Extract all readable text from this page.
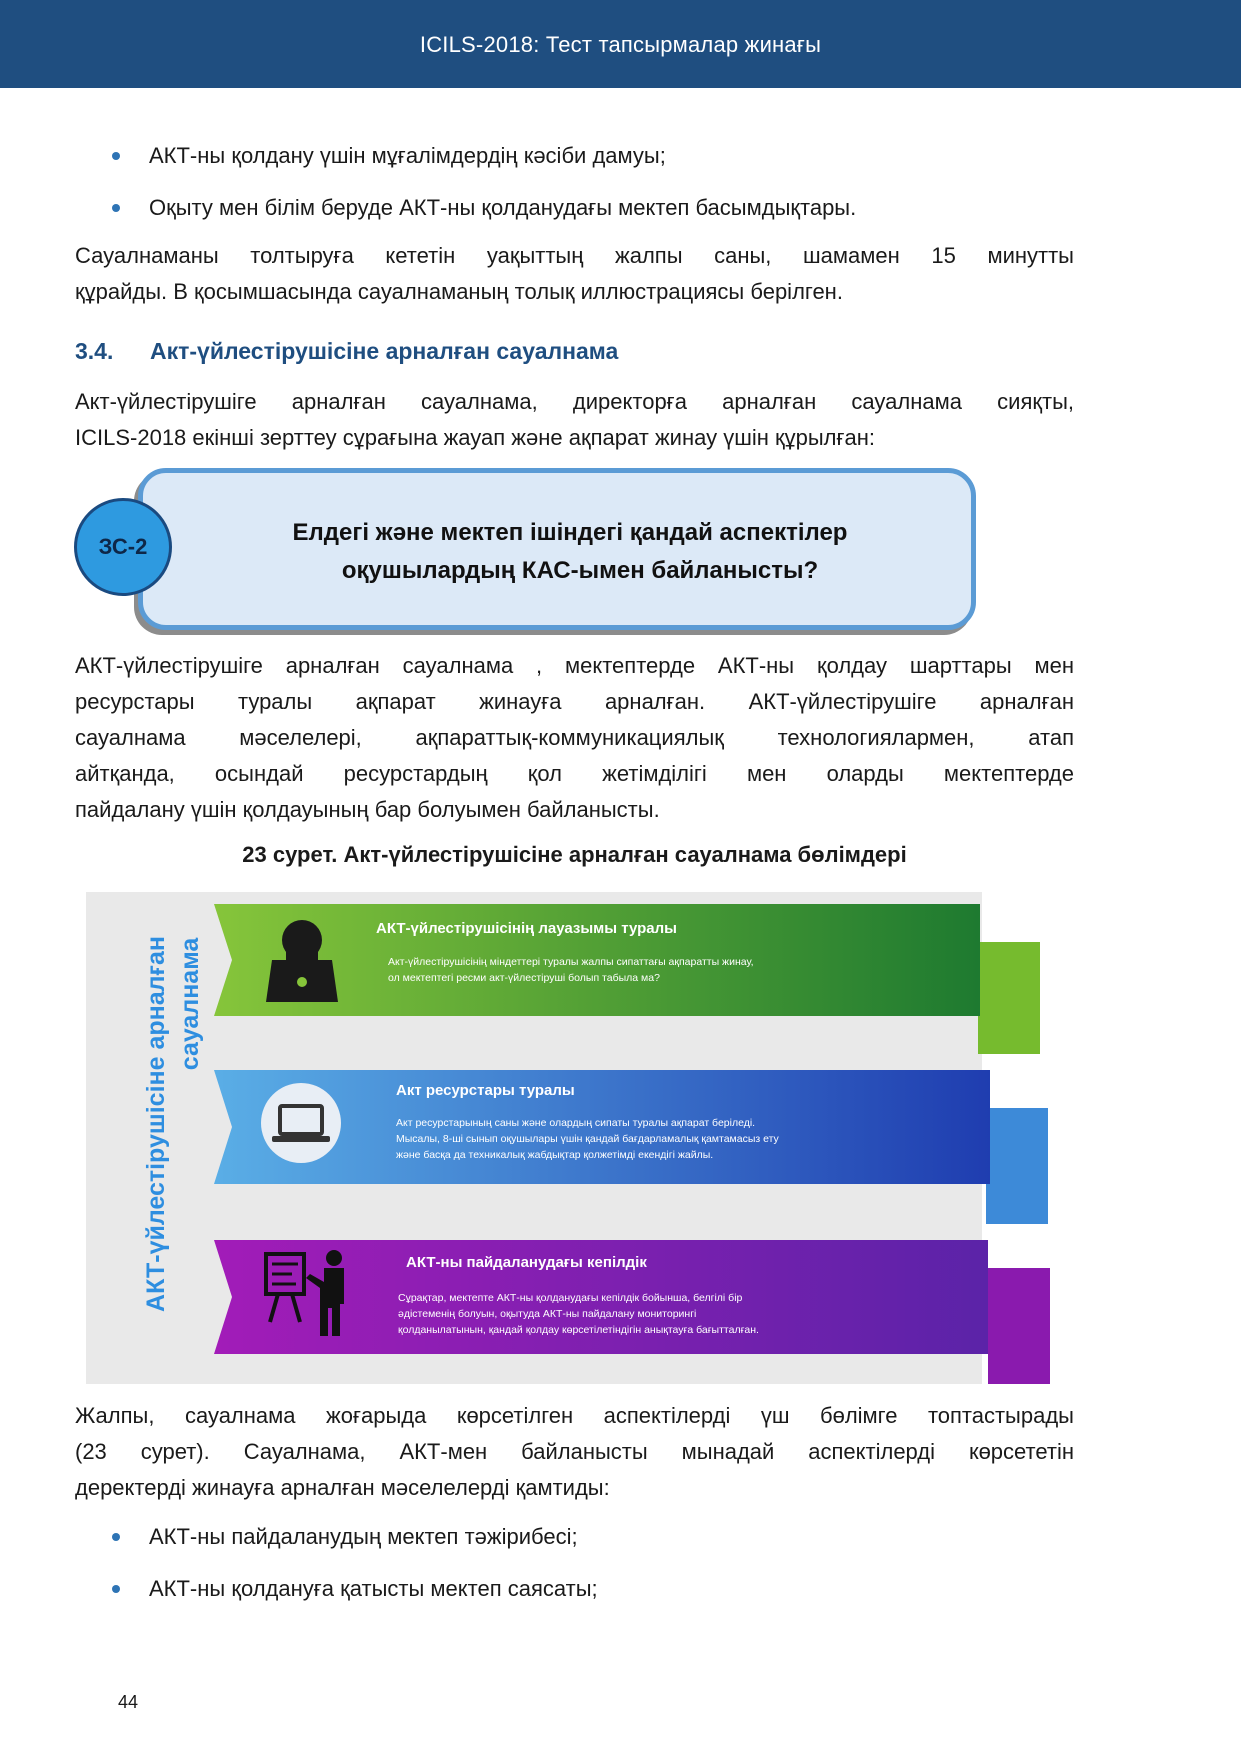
ICILS-2018: Тест тапсырмалар жинағы
АКТ-ны қолдану үшін мұғалімдердің кәсіби дамуы;
Оқыту мен білім беруде АКТ-ны қолданудағы мектеп басымдықтары.
Сауалнаманы толтыруға кететін уақыттың жалпы саны, шамамен 15 минутты
құрайды. В қосымшасында сауалнаманың толық иллюстрациясы берілген.
3.4. Акт-үйлестірушісіне арналған сауалнама
Акт-үйлестірушіге арналған сауалнама, директорға арналған сауалнама сияқты,
ICILS-2018 екінші зерттеу сұрағына жауап және ақпарат жинау үшін құрылған:
ЗС-2
Елдегі және мектеп ішіндегі қандай аспектілер
оқушылардың КАС-ымен байланысты?
АКТ-үйлестірушіге арналған сауалнама , мектептерде АКТ-ны қолдау шарттары мен
ресурстары туралы ақпарат жинауға арналған. АКТ-үйлестірушіге арналған
сауалнама мәселелері, ақпараттық-коммуникациялық технологиялармен, атап
айтқанда, осындай ресурстардың қол жетімділігі мен оларды мектептерде
пайдалану үшін қолдауының бар болуымен байланысты.
23 сурет. Акт-үйлестірушісіне арналған сауалнама бөлімдері
АКТ-үйлестірушісіне арналған сауалнама
АКТ-үйлестірушісінің лауазымы туралы
Акт-үйлестірушісінің міндеттері туралы жалпы сипаттағы ақпаратты жинау,
ол мектептегі ресми акт-үйлестіруші болып табыла ма?
Акт ресурстары туралы
Акт ресурстарының саны және олардың сипаты туралы ақпарат беріледі.
Мысалы, 8-ші сынып оқушылары үшін қандай бағдарламалық қамтамасыз ету
және басқа да техникалық жабдықтар қолжетімді екендігі жайлы.
АКТ-ны пайдаланудағы кепілдік
Сұрақтар, мектепте АКТ-ны қолданудағы кепілдік бойынша, белгілі бір
әдістеменің болуын, оқытуда АКТ-ны пайдалану мониторингі
қолданылатынын, қандай қолдау көрсетілетіндігін анықтауға бағытталған.
Жалпы, сауалнама жоғарыда көрсетілген аспектілерді үш бөлімге топтастырады
(23 сурет). Сауалнама, АКТ-мен байланысты мынадай аспектілерді көрсететін
деректерді жинауға арналған мәселелерді қамтиды:
АКТ-ны пайдаланудың мектеп тәжірибесі;
АКТ-ны қолдануға қатысты мектеп саясаты;
44
